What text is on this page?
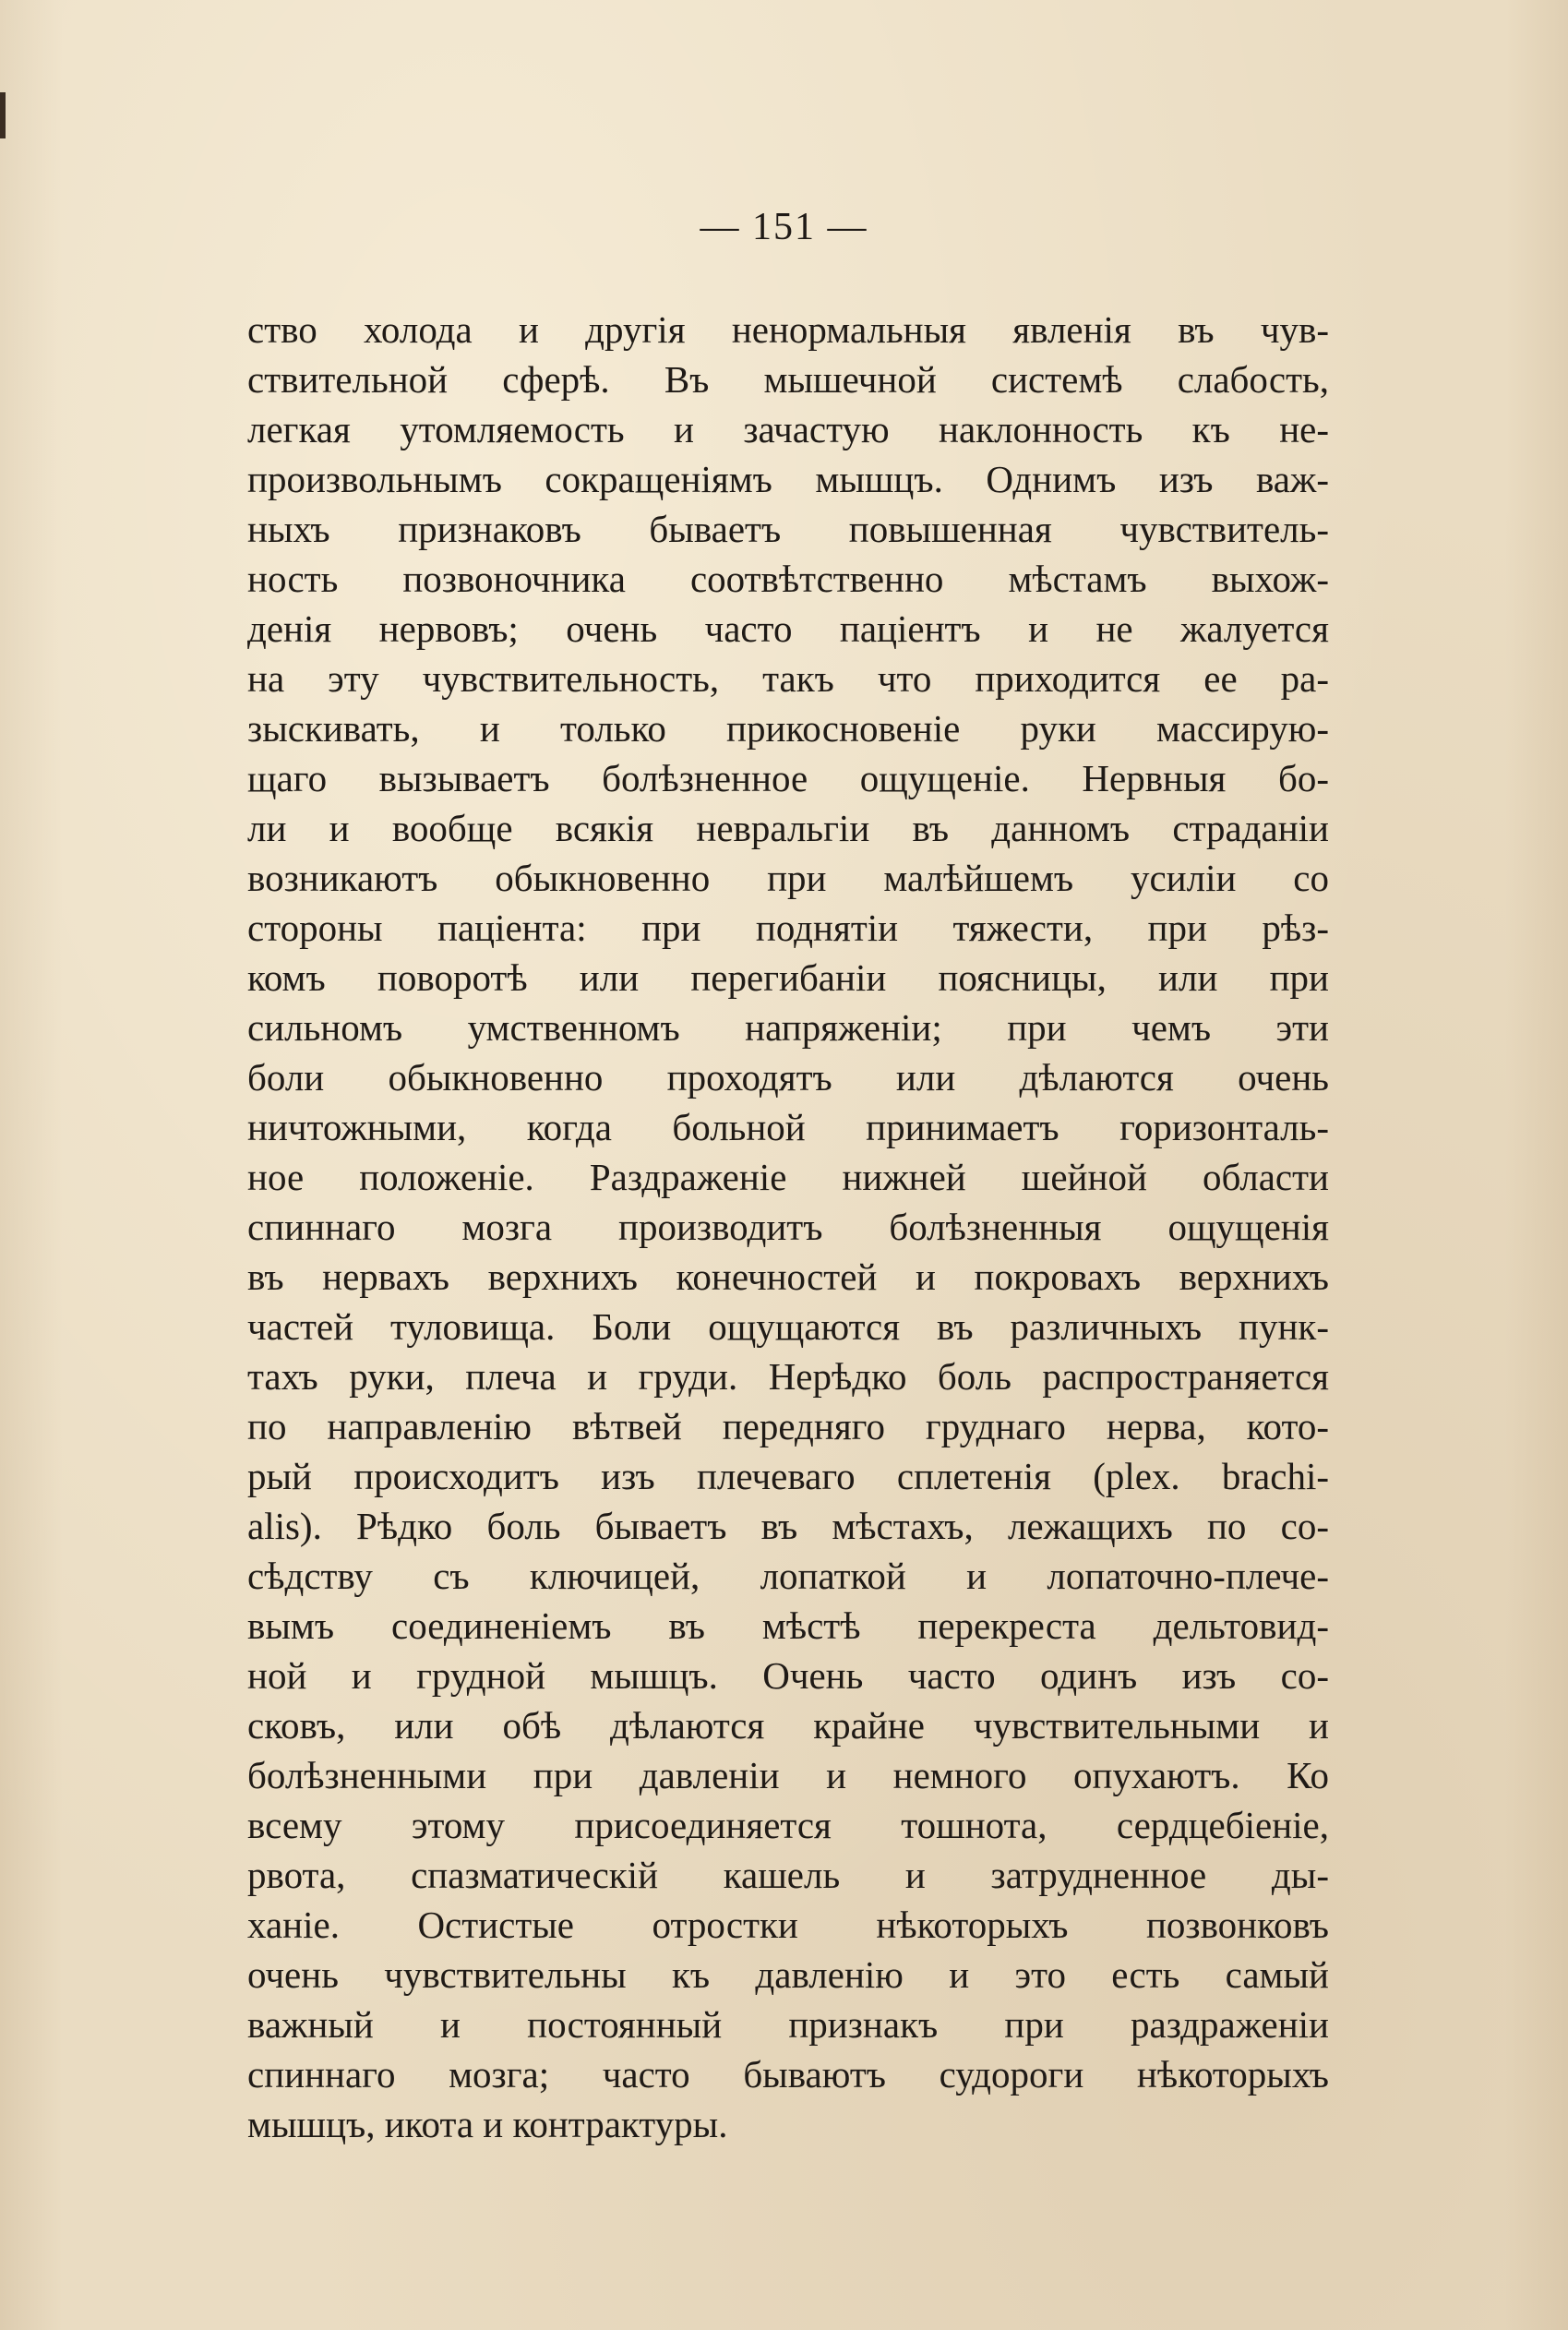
— 151 —
ство холода и другія ненормальныя явленія въ чув-
ствительной сферѣ. Въ мышечной системѣ слабость,
легкая утомляемость и зачастую наклонность къ не-
произвольнымъ сокращеніямъ мышцъ. Однимъ изъ важ-
ныхъ признаковъ бываетъ повышенная чувствитель-
ность позвоночника соотвѣтственно мѣстамъ выхож-
денія нервовъ; очень часто паціентъ и не жалуется
на эту чувствительность, такъ что приходится ее ра-
зыскивать, и только прикосновеніе руки массирую-
щаго вызываетъ болѣзненное ощущеніе. Нервныя бо-
ли и вообще всякія невральгіи въ данномъ страданіи
возникаютъ обыкновенно при малѣйшемъ усиліи со
стороны паціента: при поднятіи тяжести, при рѣз-
комъ поворотѣ или перегибаніи поясницы, или при
сильномъ умственномъ напряженіи; при чемъ эти
боли обыкновенно проходятъ или дѣлаются очень
ничтожными, когда больной принимаетъ горизонталь-
ное положеніе. Раздраженіе нижней шейной области
спиннаго мозга производитъ болѣзненныя ощущенія
въ нервахъ верхнихъ конечностей и покровахъ верхнихъ
частей туловища. Боли ощущаются въ различныхъ пунк-
тахъ руки, плеча и груди. Нерѣдко боль распространяется
по направленію вѣтвей передняго груднаго нерва, кото-
рый происходитъ изъ плечеваго сплетенія (plex. brachi-
alis). Рѣдко боль бываетъ въ мѣстахъ, лежащихъ по со-
сѣдству съ ключицей, лопаткой и лопаточно-плече-
вымъ соединеніемъ въ мѣстѣ перекреста дельтовид-
ной и грудной мышцъ. Очень часто одинъ изъ со-
сковъ, или обѣ дѣлаются крайне чувствительными и
болѣзненными при давленіи и немного опухаютъ. Ко
всему этому присоединяется тошнота, сердцебіеніе,
рвота, спазматическій кашель и затрудненное ды-
ханіе. Остистые отростки нѣкоторыхъ позвонковъ
очень чувствительны къ давленію и это есть самый
важный и постоянный признакъ при раздраженіи
спиннаго мозга; часто бываютъ судороги нѣкоторыхъ
мышцъ, икота и контрактуры.
